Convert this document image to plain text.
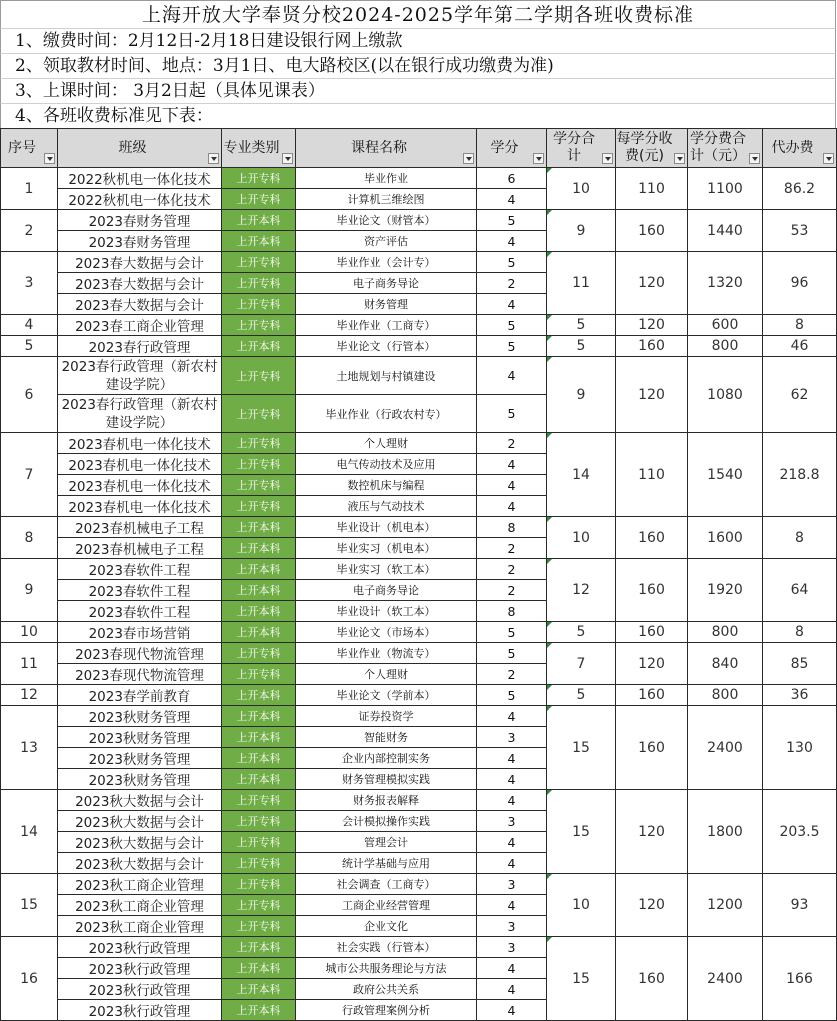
上海开放大学奉贤分校2024-2025学年第二学期各班收费标准
1、缴费时间：2月12日-2月18日建设银行网上缴款
2、领取教材时间、地点：3月1日、电大路校区(以在银行成功缴费为准)
3、上课时间： 3月2日起（具体见课表）
4、各班收费标准见下表：
序号	班级	专业类别	课程名称	学分	学分合计	每学分收费(元)	学分费合计（元）	代办费

1	2022秋机电一体化技术	上开专科	毕业作业	6	10	110	1100	86.2
	2022秋机电一体化技术	上开专科	计算机三维绘图	4				
2	2023春财务管理	上开本科	毕业论文（财管本）	5	9	160	1440	53
	2023春财务管理	上开本科	资产评估	4				
3	2023春大数据与会计	上开专科	毕业作业（会计专）	5	11	120	1320	96
	2023春大数据与会计	上开专科	电子商务导论	2				
	2023春大数据与会计	上开专科	财务管理	4				
4	2023春工商企业管理	上开专科	毕业作业（工商专）	5	5	120	600	8
5	2023春行政管理	上开本科	毕业论文（行管本）	5	5	160	800	46
6	2023春行政管理（新农村建设学院）	上开专科	土地规划与村镇建设	4	9	120	1080	62
	2023春行政管理（新农村建设学院）	上开专科	毕业作业（行政农村专）	5				
7	2023春机电一体化技术	上开专科	个人理财	2	14	110	1540	218.8
	2023春机电一体化技术	上开专科	电气传动技术及应用	4				
	2023春机电一体化技术	上开专科	数控机床与编程	4				
	2023春机电一体化技术	上开专科	液压与气动技术	4				
8	2023春机械电子工程	上开本科	毕业设计（机电本）	8	10	160	1600	8
	2023春机械电子工程	上开本科	毕业实习（机电本）	2				
9	2023春软件工程	上开本科	毕业实习（软工本）	2	12	160	1920	64
	2023春软件工程	上开本科	电子商务导论	2				
	2023春软件工程	上开本科	毕业设计（软工本）	8				
10	2023春市场营销	上开本科	毕业论文（市场本）	5	5	160	800	8
11	2023春现代物流管理	上开专科	毕业作业（物流专）	5	7	120	840	85
	2023春现代物流管理	上开专科	个人理财	2				
12	2023春学前教育	上开本科	毕业论文（学前本）	5	5	160	800	36
13	2023秋财务管理	上开本科	证券投资学	4	15	160	2400	130
	2023秋财务管理	上开本科	智能财务	3				
	2023秋财务管理	上开本科	企业内部控制实务	4				
	2023秋财务管理	上开本科	财务管理模拟实践	4				
14	2023秋大数据与会计	上开专科	财务报表解释	4	15	120	1800	203.5
	2023秋大数据与会计	上开专科	会计模拟操作实践	3				
	2023秋大数据与会计	上开专科	管理会计	4				
	2023秋大数据与会计	上开专科	统计学基础与应用	4				
15	2023秋工商企业管理	上开专科	社会调查（工商专）	3	10	120	1200	93
	2023秋工商企业管理	上开专科	工商企业经营管理	4				
	2023秋工商企业管理	上开专科	企业文化	3				
16	2023秋行政管理	上开本科	社会实践（行管本）	3	15	160	2400	166
	2023秋行政管理	上开本科	城市公共服务理论与方法	4				
	2023秋行政管理	上开本科	政府公共关系	4				
	2023秋行政管理	上开本科	行政管理案例分析	4				
